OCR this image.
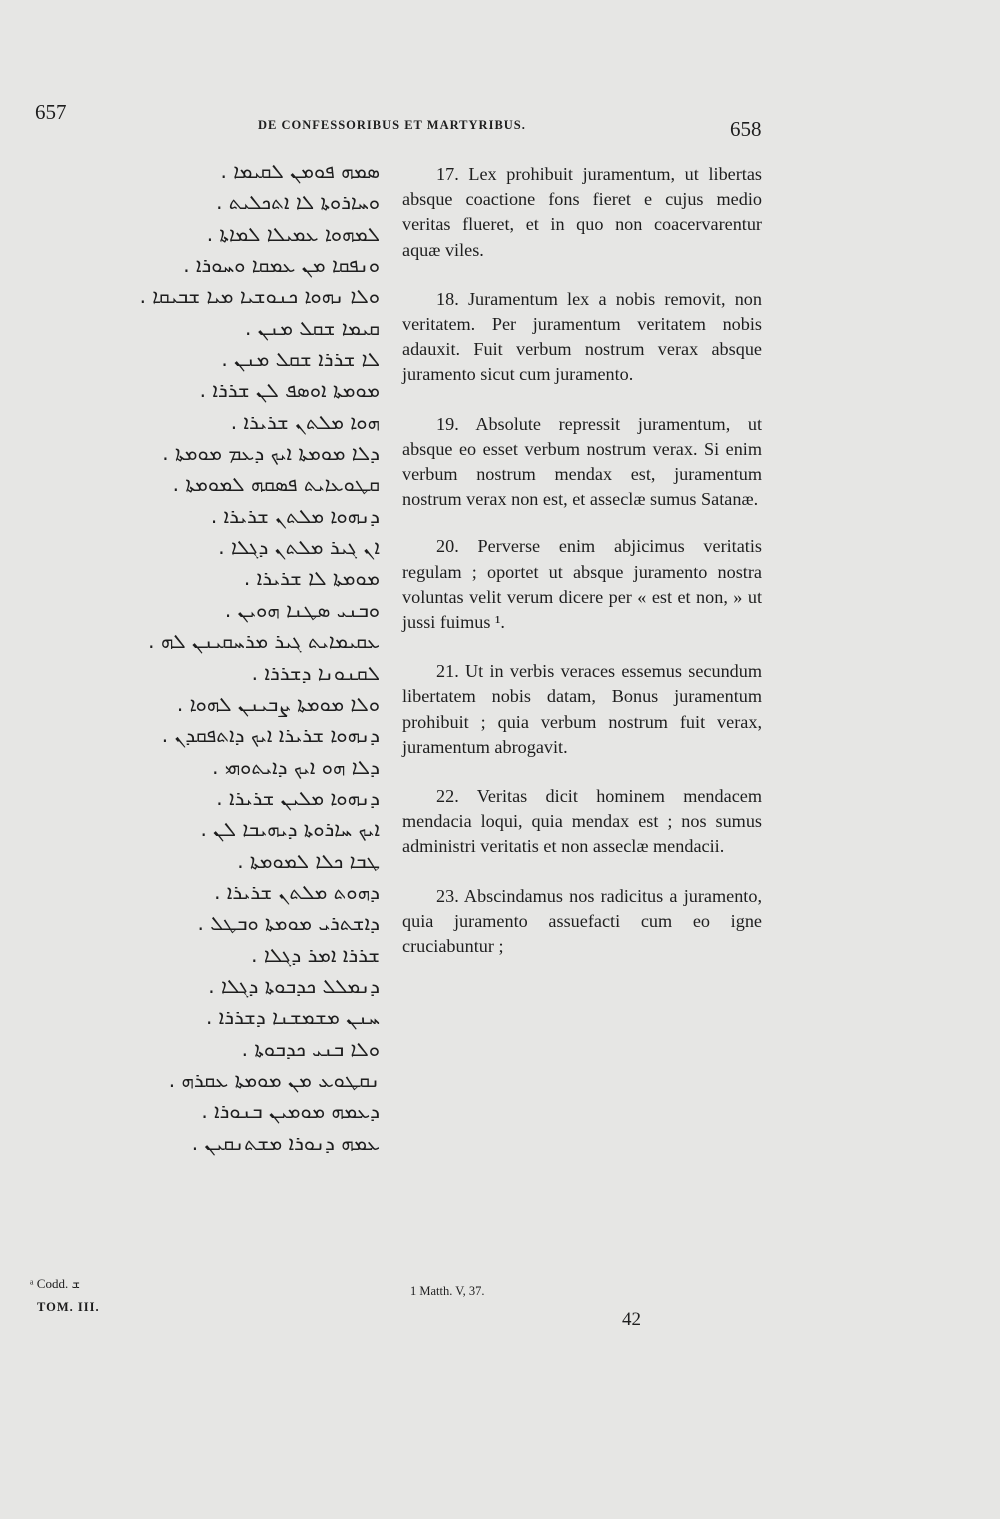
657
DE CONFESSORIBUS ET MARTYRIBUS.	658
ܣܡܗ ܦܘܡܢ ܠܩܝܡܐ .
ܘܚܐܪܘܬܐ ܠܐ ܐܬܟܠܝܬ .
ܠܡܗܘܐ ܥܡܝܠܐ ܠܡܐܬܐ .
ܘܢܦܩܐ ܡܢ ܥܡܩܐ ܘܚܘܪܐ .
ܘܠܐ ܢܗܘܐ ܟܢܘܫܝܐ ܡܝܐ ܫܒܝܩܐ .
ܩܝܡܐ ܫܩܠ ܡܢܢ .
ܠܐ ܫܪܪܐ ܫܩܠ ܡܢܢ .
ܡܘܡܬܐ ܐܘܣܦ ܠܢ ܫܪܪܐ .
ܗܘܐ ܡܠܬܢ ܫܪܝܪܐ .
ܕܠܐ ܡܘܡܬܐ ܐܝܟ ܕܥܡ ܡܘܡܬܐ .
ܩܛܘܥܐܝܬ ܦܣܩܗ ܠܡܘܡܬܐ .
ܕܢܗܘܐ ܡܠܬܢ ܫܪܝܪܐ .
ܐܢ ܓܝܪ ܡܠܬܢ ܕܓܠܐ .
ܡܘܡܬܐ ܠܐ ܫܪܝܪܐ .
ܘܒܢܝ ܣܛܢܐ ܗܘܝܢ .
ܥܩܝܡܐܝܬ ܓܝܪ ܡܪܚܩܝܢܢ ܠܗ .
ܠܩܢܘܢܐ ܕܫܪܪܐ .
ܘܠܐ ܡܘܡܬܐ ܨܒܝܢܢ ܠܗܘܐ .
ܕܢܗܘܐ ܫܪܝܪܐ ܐܝܟ ܕܐܬܦܩܕܢ .
ܕܠܐ ܗܘ ܐܝܟ ܕܐܝܬܘܗܝ .
ܕܢܗܘܐ ܡܠܝܢ ܫܪܝܪܐ .
ܐܝܟ ܚܐܪܘܬܐ ܕܝܗܝܒܐ ܠܢ .
ܛܒܐ ܟܠܐ ܠܡܘܡܬܐ .
ܕܗܘܬ ܡܠܬܢ ܫܪܝܪܐ .
ܕܐܫܬܪܝ ܡܘܡܬܐ ܘܒܛܠ .
ܫܪܪܐ ܐܡܪ ܕܓܠܐ .
ܕܢܡܠܠ ܟܕܒܘܬܐ ܕܓܠܐ .
ܚܢܢ ܡܫܡܫܢܐ ܕܫܪܪܐ .
ܘܠܐ ܒܢܝ ܟܕܒܘܬܐ .
ܢܩܛܘܥ ܡܢ ܡܘܡܬܐ ܥܩܪܗ .
ܕܥܡܗ ܡܘܡܝܢ ܒܢܘܪܐ .
ܥܡܗ ܕܢܘܪܐ ܡܫܬܢܩܝܢ .

17. Lex prohibuit juramentum, ut libertas absque coactione fons fieret e cujus medio veritas flueret, et in quo non coacervarentur aquæ viles.

18. Juramentum lex a nobis removit, non veritatem. Per juramentum veritatem nobis adauxit. Fuit verbum nostrum verax absque juramento sicut cum juramento.

19. Absolute repressit juramentum, ut absque eo esset verbum nostrum verax. Si enim verbum nostrum mendax est, juramentum nostrum verax non est, et asseclæ sumus Satanæ.

20. Perverse enim abjicimus veritatis regulam ; oportet ut absque juramento nostra voluntas velit verum dicere per « est et non, » ut jussi fuimus ¹.

21. Ut in verbis veraces essemus secundum libertatem nobis datam, Bonus juramentum prohibuit ; quia verbum nostrum fuit verax, juramentum abrogavit.

22. Veritas dicit hominem mendacem mendacia loqui, quia mendax est ; nos sumus administri veritatis et non asseclæ mendacii.

23. Abscindamus nos radicitus a juramento, quia juramento assuefacti cum eo igne cruciabuntur ;

ᵃ Codd. ܫ
TOM. III.
1 Matth. V, 37.
42
